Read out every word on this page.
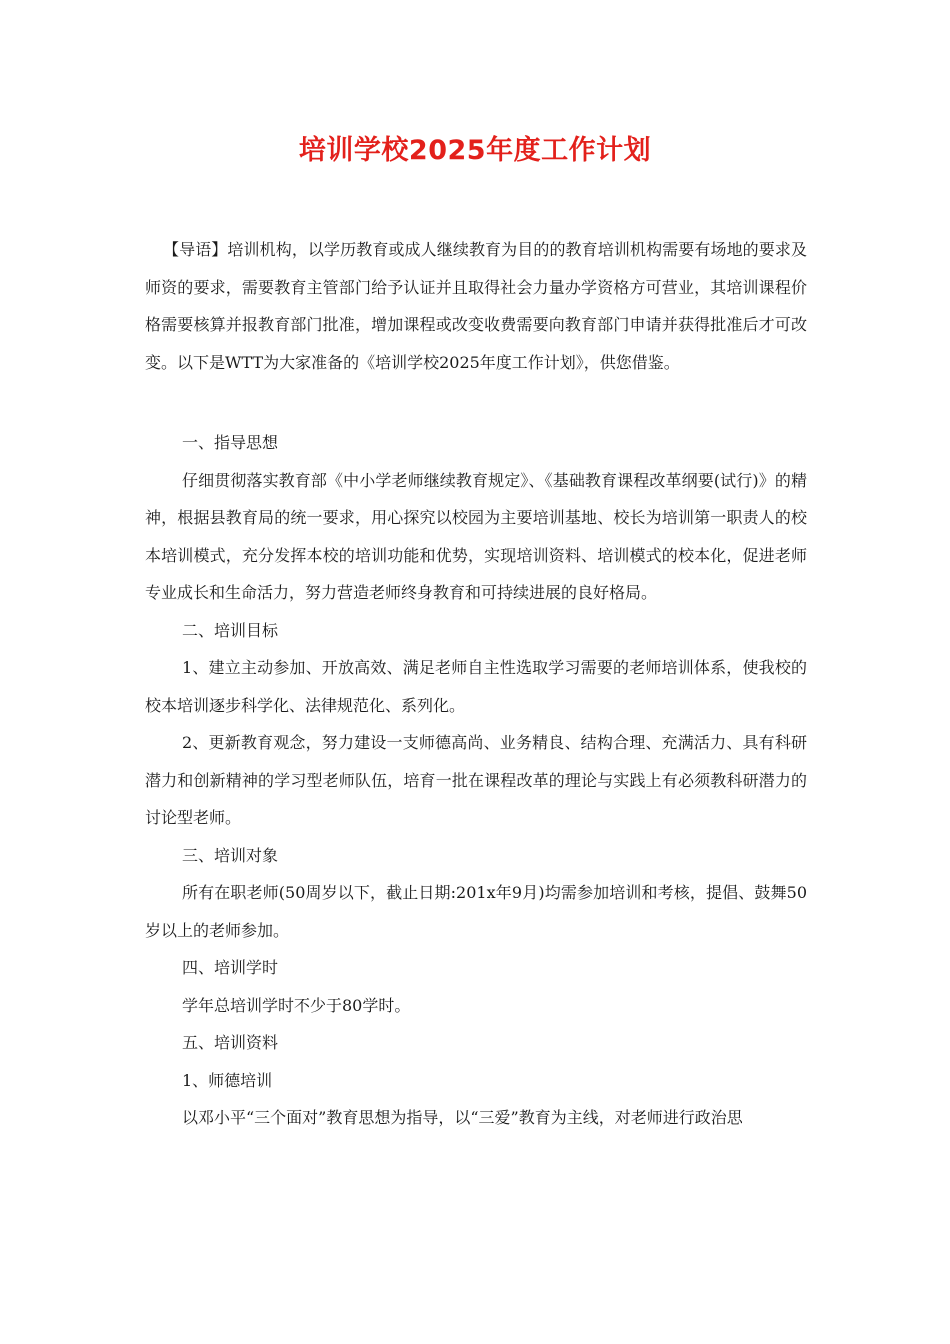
培训学校2025年度工作计划

【导语】培训机构，以学历教育或成人继续教育为目的的教育培训机构需要有场地的要求及师资的要求，需要教育主管部门给予认证并且取得社会力量办学资格方可营业，其培训课程价格需要核算并报教育部门批准，增加课程或改变收费需要向教育部门申请并获得批准后才可改变。以下是WTT为大家准备的《培训学校2025年度工作计划》，供您借鉴。

一、指导思想

仔细贯彻落实教育部《中小学老师继续教育规定》、《基础教育课程改革纲要(试行)》的精神，根据县教育局的统一要求，用心探究以校园为主要培训基地、校长为培训第一职责人的校本培训模式，充分发挥本校的培训功能和优势，实现培训资料、培训模式的校本化，促进老师专业成长和生命活力，努力营造老师终身教育和可持续进展的良好格局。

二、培训目标

1、建立主动参加、开放高效、满足老师自主性选取学习需要的老师培训体系，使我校的校本培训逐步科学化、法律规范化、系列化。

2、更新教育观念，努力建设一支师德高尚、业务精良、结构合理、充满活力、具有科研潜力和创新精神的学习型老师队伍，培育一批在课程改革的理论与实践上有必须教科研潜力的讨论型老师。

三、培训对象

所有在职老师(50周岁以下，截止日期:201x年9月)均需参加培训和考核，提倡、鼓舞50岁以上的老师参加。

四、培训学时

学年总培训学时不少于80学时。

五、培训资料

1、师德培训

以邓小平“三个面对”教育思想为指导，以“三爱”教育为主线，对老师进行政治思
